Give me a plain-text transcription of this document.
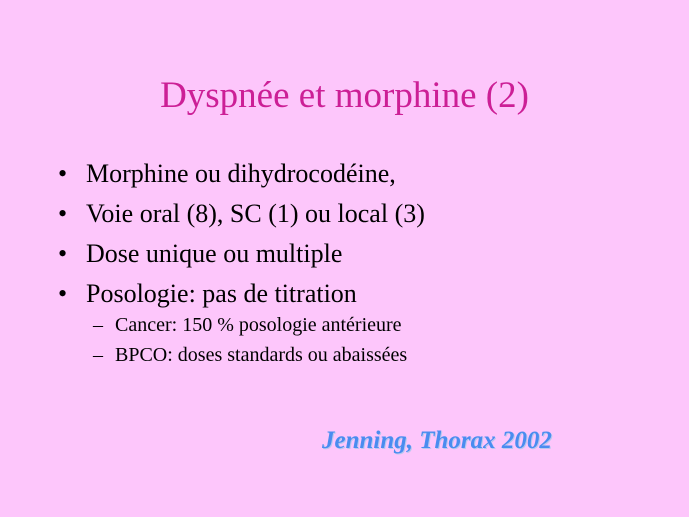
Dyspnée et morphine (2)
• Morphine ou dihydrocodéine,
• Voie oral (8), SC (1) ou local (3)
• Dose unique ou multiple
• Posologie: pas de titration
– Cancer: 150 % posologie antérieure
– BPCO: doses standards ou abaissées
Jenning, Thorax 2002
